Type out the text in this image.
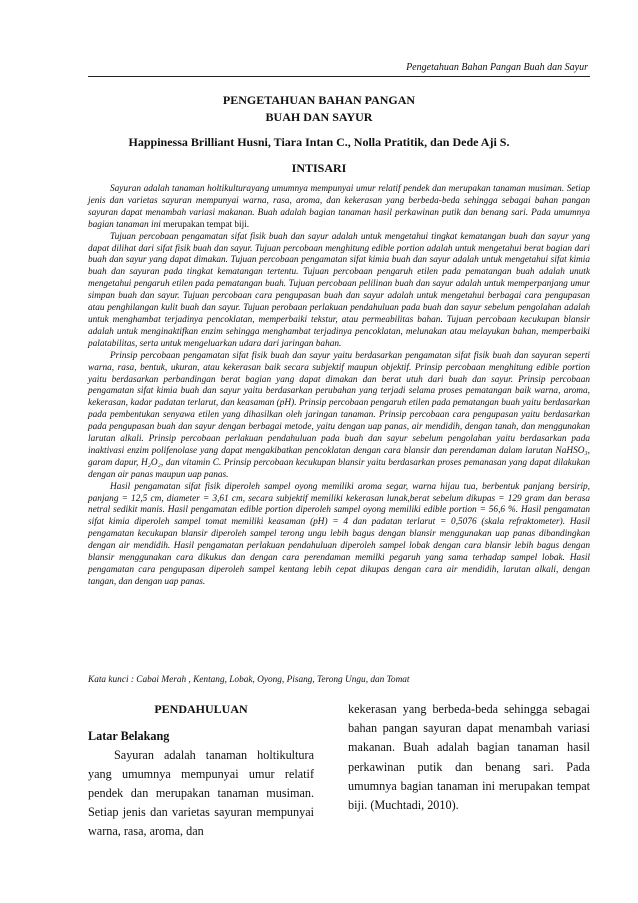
Pengetahuan Bahan Pangan Buah dan Sayur
PENGETAHUAN BAHAN PANGAN
BUAH DAN SAYUR
Happinessa Brilliant Husni, Tiara Intan C., Nolla Pratitik, dan Dede Aji S.
INTISARI

Sayuran adalah tanaman holtikulturayang umumnya mempunyai umur relatif pendek dan merupakan tanaman musiman. Setiap jenis dan varietas sayuran mempunyai warna, rasa, aroma, dan kekerasan yang berbeda-beda sehingga sebagai bahan pangan sayuran dapat menambah variasi makanan. Buah adalah bagian tanaman hasil perkawinan putik dan benang sari. Pada umumnya bagian tanaman ini merupakan tempat biji.

Tujuan percobaan pengamatan sifat fisik buah dan sayur adalah untuk mengetahui tingkat kematangan buah dan sayur yang dapat dilihat dari sifat fisik buah dan sayur. Tujuan percobaan menghitung edible portion adalah untuk mengetahui berat bagian dari buah dan sayur yang dapat dimakan. Tujuan percobaan pengamatan sifat kimia buah dan sayur adalah untuk mengetahui sifat kimia buah dan sayuran pada tingkat kematangan tertentu. Tujuan percobaan pengaruh etilen pada pematangan buah adalah unutk mengetahui pengaruh etilen pada pematangan buah. Tujuan percobaan pelilinan buah dan sayur adalah untuk memperpanjang umur simpan buah dan sayur. Tujuan percobaan cara pengupasan buah dan sayur adalah untuk mengetahui berbagai cara pengupasan atau penghilangan kulit buah dan sayur. Tujuan perobaan perlakuan pendahuluan pada buah dan sayur sebelum pengolahan adalah untuk menghambat terjadinya pencoklatan, memperbaiki tekstur, atau permeabilitas bahan. Tujuan percobaan kecukupan blansir adalah untuk menginaktifkan enzim sehingga menghambat terjadinya pencoklatan, melunakan atau melayukan bahan, memperbaiki palatabilitas, serta untuk mengeluarkan udara dari jaringan bahan.

Prinsip percobaan pengamatan sifat fisik buah dan sayur yaitu berdasarkan pengamatan sifat fisik buah dan sayuran seperti warna, rasa, bentuk, ukuran, atau kekerasan baik secara subjektif maupun objektif. Prinsip percobaan menghitung edible portion yaitu berdasarkan perbandingan berat bagian yang dapat dimakan dan berat utuh dari buah dan sayur. Prinsip percobaan pengamatan sifat kimia buah dan sayur yaitu berdasarkan perubahan yang terjadi selama proses pematangan baik warna, aroma, kekerasan, kadar padatan terlarut, dan keasaman (pH). Prinsip percobaan pengaruh etilen pada pematangan buah yaitu berdasarkan pada pembentukan senyawa etilen yang dihasilkan oleh jaringan tanaman. Prinsip percobaan cara pengupasan yaitu berdasarkan pada pengupasan buah dan sayur dengan berbagai metode, yaitu dengan uap panas, air mendidih, dengan tanah, dan menggunakan larutan alkali. Prinsip percobaan perlakuan pendahuluan pada buah dan sayur sebelum pengolahan yaitu berdasarkan pada inaktivasi enzim polifenolase yang dapat mengakibatkan pencoklatan dengan cara blansir dan perendaman dalam larutan NaHSO₃, garam dapur, H₂O₂, dan vitamin C. Prinsip percobaan kecukupan blansir yaitu berdasarkan proses pemanasan yang dapat dilakukan dengan air panas maupun uap panas.

Hasil pengamatan sifat fisik diperoleh sampel oyong memiliki aroma segar, warna hijau tua, berbentuk panjang bersirip, panjang = 12,5 cm, diameter = 3,61 cm, secara subjektif memiliki kekerasan lunak,berat sebelum dikupas = 129 gram dan berasa netral sedikit manis. Hasil pengamatan edible portion diperoleh sampel oyong memiliki edible portion = 56,6 %. Hasil pengamatan sifat kimia diperoleh sampel tomat memiliki keasaman (pH) = 4 dan padatan terlarut = 0,5076 (skala refraktometer). Hasil pengamatan kecukupan blansir diperoleh sampel terong ungu lebih bagus dengan blansir menggunakan uap panas dibandingkan dengan air mendidih. Hasil pengamatan perlakuan pendahuluan diperoleh sampel lobak dengan cara blansir lebih bagus dengan blansir menggunakan cara dikukus dan dengan cara perendaman memilki pegaruh yang sama terhadap sampel lobak. Hasil pengamatan cara pengupasan diperoleh sampel kentang lebih cepat dikupas dengan cara air mendidih, larutan alkali, dengan tangan, dan dengan uap panas.

Kata kunci : Cabai Merah , Kentang, Lobak, Oyong, Pisang, Terong Ungu, dan Tomat
PENDAHULUAN
Latar Belakang

Sayuran adalah tanaman holtikultura yang umumnya mempunyai umur relatif pendek dan merupakan tanaman musiman. Setiap jenis dan varietas sayuran mempunyai warna, rasa, aroma, dan

kekerasan yang berbeda-beda sehingga sebagai bahan pangan sayuran dapat menambah variasi makanan. Buah adalah bagian tanaman hasil perkawinan putik dan benang sari. Pada umumnya bagian tanaman ini merupakan tempat biji. (Muchtadi, 2010).
